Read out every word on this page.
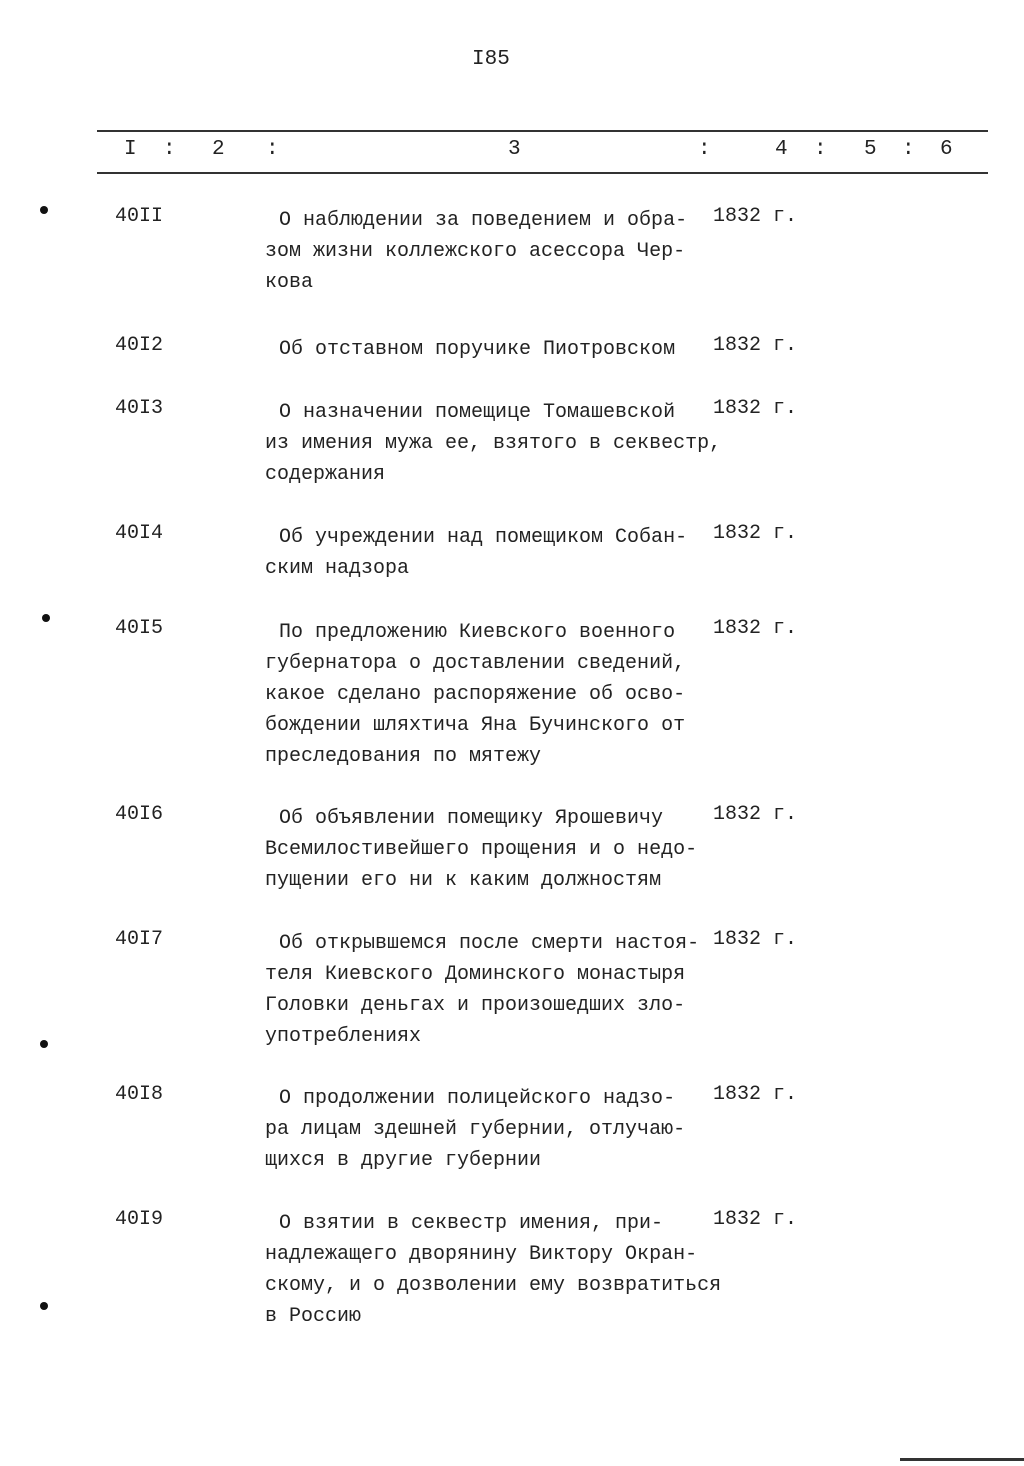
I85
I : 2 :	3	:	4 : 5 : 6
40II	О наблюдении за поведением и обра-
зом жизни коллежского асессора Чер-
кова
1832 г.
40I2	Об отставном поручике Пиотровском 1832 г.
40I3	О назначении помещице Томашевской
из имения мужа ее, взятого в секвестр,
содержания
1832 г.
40I4	Об учреждении над помещиком Собан-
ским надзора
1832 г.
40I5	По предложению Киевского военного
губернатора о доставлении сведений,
какое сделано распоряжение об осво-
бождении шляхтича Яна Бучинского от
преследования по мятежу
1832 г.
40I6	Об объявлении помещику Ярошевичу
Всемилостивейшего прощения и о недо-
пущении его ни к каким должностям
1832 г.
40I7	Об открывшемся после смерти настоя-
теля Киевского Доминского монастыря
Головки деньгах и произошедших зло-
употреблениях
1832 г.
40I8	О продолжении полицейского надзо-
ра лицам здешней губернии, отлучаю-
щихся в другие губернии
1832 г.
40I9	О взятии в секвестр имения, при-
надлежащего дворянину Виктору Окран-
скому, и о дозволении ему возвратиться
в Россию
1832 г.
